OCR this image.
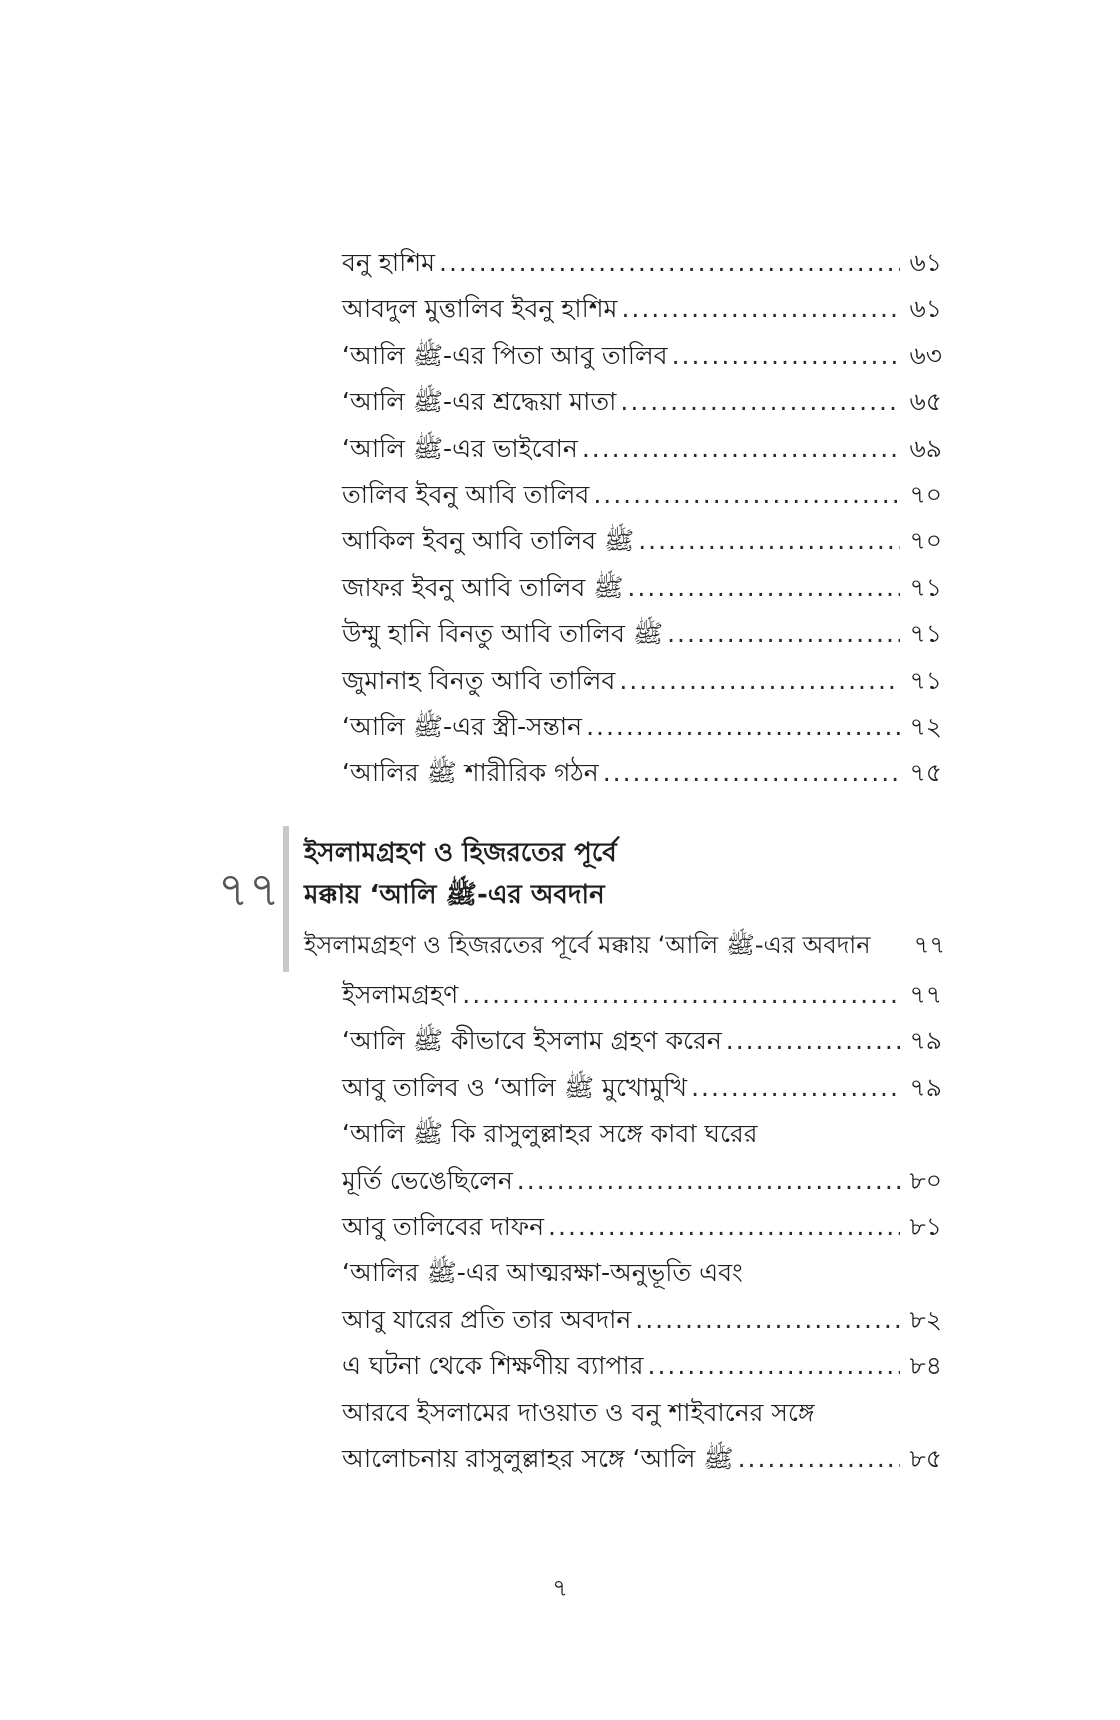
বনু হাশিম .....	৬১
আবদুল মুত্তালিব ইবনু হাশিম .....	৬১
‘আলি ﷺ-এর পিতা আবু তালিব .....	৬৩
‘আলি ﷺ-এর শ্রদ্ধেয়া মাতা .....	৬৫
‘আলি ﷺ-এর ভাইবোন .....	৬৯
তালিব ইবনু আবি তালিব .....	৭০
আকিল ইবনু আবি তালিব ﷺ .....	৭০
জাফর ইবনু আবি তালিব ﷺ .....	৭১
উম্মু হানি বিনতু আবি তালিব ﷺ .....	৭১
জুমানাহ বিনতু আবি তালিব .....	৭১
‘আলি ﷺ-এর স্ত্রী-সন্তান .....	৭২
‘আলির ﷺ শারীরিক গঠন .....	৭৫
৭৭
ইসলামগ্রহণ ও হিজরতের পূর্বে
মক্কায় ‘আলি ﷺ-এর অবদান
ইসলামগ্রহণ ও হিজরতের পূর্বে মক্কায় ‘আলি ﷺ-এর অবদান ৭৭
ইসলামগ্রহণ .....	৭৭
‘আলি ﷺ কীভাবে ইসলাম গ্রহণ করেন .....	৭৯
আবু তালিব ও ‘আলি ﷺ মুখোমুখি .....	৭৯
‘আলি ﷺ কি রাসুলুল্লাহর সঙ্গে কাবা ঘরের
মূর্তি ভেঙেছিলেন .....	৮০
আবু তালিবের দাফন .....	৮১
‘আলির ﷺ-এর আত্মরক্ষা-অনুভূতি এবং
আবু যারের প্রতি তার অবদান .....	৮২
এ ঘটনা থেকে শিক্ষণীয় ব্যাপার .....	৮৪
আরবে ইসলামের দাওয়াত ও বনু শাইবানের সঙ্গে
আলোচনায় রাসুলুল্লাহর সঙ্গে ‘আলি ﷺ .....	৮৫
৭
